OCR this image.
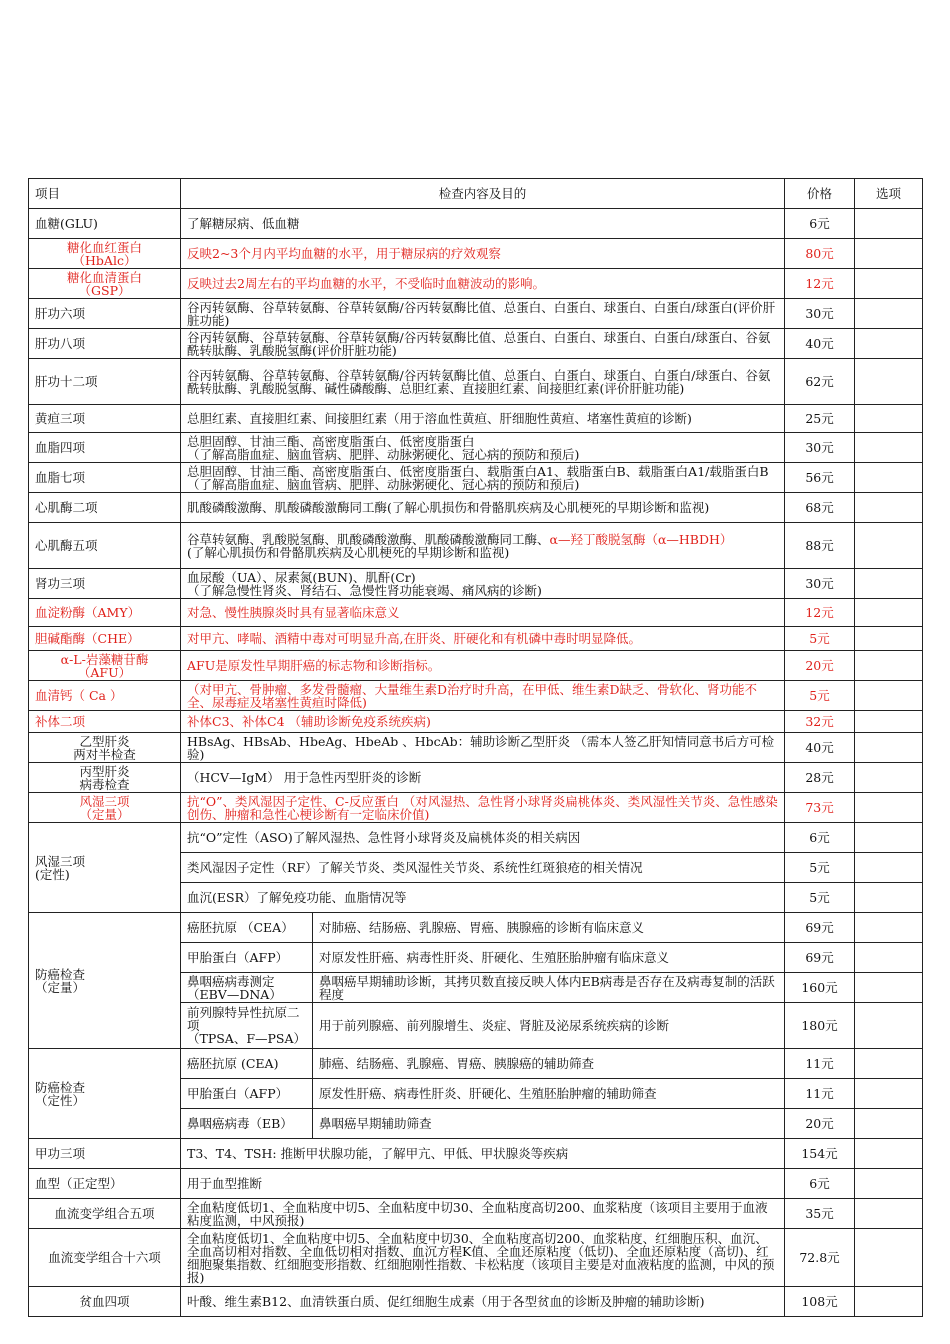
项目	检查内容及目的		价格	选项
血糖(GLU)	了解糖尿病、低血糖		6元	
糖化血红蛋白
（HbAlc）	反映2~3个月内平均血糖的水平，用于糖尿病的疗效观察		80元	
糖化血清蛋白
（GSP）	反映过去2周左右的平均血糖的水平，不受临时血糖波动的影响。		12元	
肝功六项	谷丙转氨酶、谷草转氨酶、谷草转氨酶/谷丙转氨酶比值、总蛋白、白蛋白、球蛋白、白蛋白/球蛋白(评价肝脏功能)		30元	
肝功八项	谷丙转氨酶、谷草转氨酶、谷草转氨酶/谷丙转氨酶比值、总蛋白、白蛋白、球蛋白、白蛋白/球蛋白、谷氨酰转肽酶、乳酸脱氢酶(评价肝脏功能)		40元	
肝功十二项	谷丙转氨酶、谷草转氨酶、谷草转氨酶/谷丙转氨酶比值、总蛋白、白蛋白、球蛋白、白蛋白/球蛋白、谷氨酰转肽酶、乳酸脱氢酶、碱性磷酸酶、总胆红素、直接胆红素、间接胆红素(评价肝脏功能)		62元	
黄疸三项	总胆红素、直接胆红素、间接胆红素（用于溶血性黄疸、肝细胞性黄疸、堵塞性黄疸的诊断)		25元	
血脂四项	总胆固醇、甘油三酯、高密度脂蛋白、低密度脂蛋白
（了解高脂血症、脑血管病、肥胖、动脉粥硬化、冠心病的预防和预后)		30元	
血脂七项	总胆固醇、甘油三酯、高密度脂蛋白、低密度脂蛋白、载脂蛋白A1、载脂蛋白B、载脂蛋白A1/载脂蛋白B（了解高脂血症、脑血管病、肥胖、动脉粥硬化、冠心病的预防和预后)		56元	
心肌酶二项	肌酸磷酸激酶、肌酸磷酸激酶同工酶(了解心肌损伤和骨骼肌疾病及心肌梗死的早期诊断和监视)		68元	
心肌酶五项	谷草转氨酶、乳酸脱氢酶、肌酸磷酸激酶、肌酸磷酸激酶同工酶、α—羟丁酸脱氢酶（α—HBDH）
(了解心肌损伤和骨骼肌疾病及心肌梗死的早期诊断和监视)		88元	
肾功三项	血尿酸（UA）、尿素氮(BUN)、肌酐(Cr)
（了解急慢性肾炎、肾结石、急慢性肾功能衰竭、痛风病的诊断)		30元	
血淀粉酶（AMY）	对急、慢性胰腺炎时具有显著临床意义		12元	
胆碱酯酶（CHE）	对甲亢、哮喘、酒精中毒对可明显升高,在肝炎、肝硬化和有机磷中毒时明显降低。		5元	
α-L-岩藻糖苷酶
（AFU）	AFU是原发性早期肝癌的标志物和诊断指标。		20元	
血清钙（ Ca ）	（对甲亢、骨肿瘤、多发骨髓瘤、大量维生素D治疗时升高，在甲低、维生素D缺乏、骨软化、肾功能不全、尿毒症及堵塞性黄疸时降低)		5元	
补体二项	补体C3、补体C4 （辅助诊断免疫系统疾病)		32元	
乙型肝炎
两对半检查	HBsAg、HBsAb、HbeAg、HbeAb 、HbcAb：辅助诊断乙型肝炎 （需本人签乙肝知情同意书后方可检验)		40元	
丙型肝炎
病毒检查	（HCV—IgM） 用于急性丙型肝炎的诊断		28元	
风湿三项
（定量）	抗“O”、类风湿因子定性、C-反应蛋白 （对风湿热、急性肾小球肾炎扁桃体炎、类风湿性关节炎、急性感染创伤、肿瘤和急性心梗诊断有一定临床价值)		73元	
风湿三项
(定性)	抗“O”定性（ASO)了解风湿热、急性肾小球肾炎及扁桃体炎的相关病因		6元	
	类风湿因子定性（RF）了解关节炎、类风湿性关节炎、系统性红斑狼疮的相关情况		5元	
	血沉(ESR）了解免疫功能、血脂情况等		5元	
防癌检查
（定量）	癌胚抗原 （CEA）	对肺癌、结肠癌、乳腺癌、胃癌、胰腺癌的诊断有临床意义	69元	
	甲胎蛋白（AFP）	对原发性肝癌、病毒性肝炎、肝硬化、生殖胚胎肿瘤有临床意义	69元	
	鼻咽癌病毒测定
（EBV—DNA）	鼻咽癌早期辅助诊断，其拷贝数直接反映人体内EB病毒是否存在及病毒复制的活跃程度	160元	
	前列腺特异性抗原二项
（TPSA、F—PSA）	用于前列腺癌、前列腺增生、炎症、肾脏及泌尿系统疾病的诊断	180元	
防癌检查
（定性）	癌胚抗原 (CEA)	肺癌、结肠癌、乳腺癌、胃癌、胰腺癌的辅助筛查	11元	
	甲胎蛋白（AFP）	原发性肝癌、病毒性肝炎、肝硬化、生殖胚胎肿瘤的辅助筛查	11元	
	鼻咽癌病毒（EB）	鼻咽癌早期辅助筛查	20元	
甲功三项	T3、T4、TSH: 推断甲状腺功能，了解甲亢、甲低、甲状腺炎等疾病		154元	
血型（正定型）	用于血型推断		6元	
血流变学组合五项	全血粘度低切1、全血粘度中切5、全血粘度中切30、全血粘度高切200、血浆粘度（该项目主要用于血液粘度监测，中风预报)		35元	
血流变学组合十六项	全血粘度低切1、全血粘度中切5、全血粘度中切30、全血粘度高切200、血浆粘度、红细胞压积、血沉、全血高切相对指数、全血低切相对指数、血沉方程K值、全血还原粘度（低切)、全血还原粘度（高切)、红细胞聚集指数、红细胞变形指数、红细胞刚性指数、卡松粘度（该项目主要是对血液粘度的监测，中风的预报)		72.8元	
贫血四项	叶酸、维生素B12、血清铁蛋白质、促红细胞生成素（用于各型贫血的诊断及肿瘤的辅助诊断)		108元	
